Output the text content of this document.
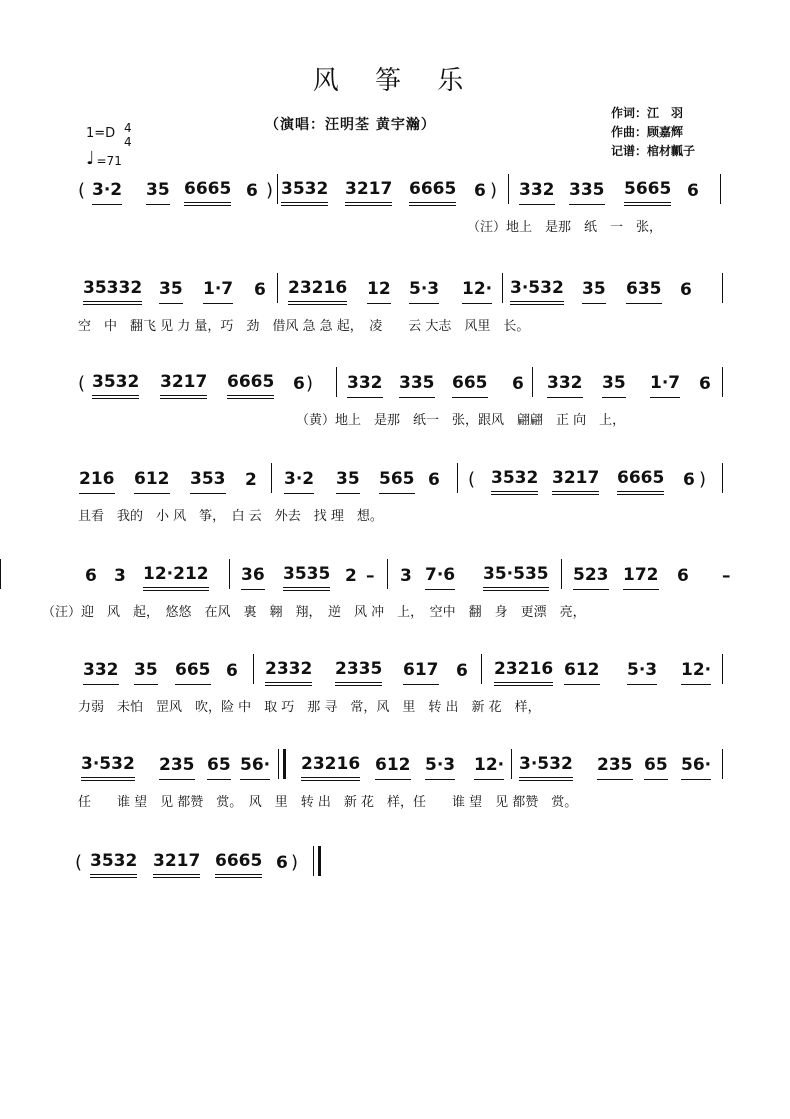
风 筝 乐
（演唱：汪明荃 黄宇瀚）
作词：江　羽
作曲：顾嘉辉
记谱：棺材瓤子
1=D 4
4
♩ =71
( 3·2 35 6665 6 ) 3532 3217 6665 6 ) 332 335 5665 6
（汪）地上　是那　纸　一　张，
35332 35 1·7 6 23216 12 5·3 12· 3·532 35 635 6
空　中　翻飞 见 力 量，巧　劲　借风 急 急 起，　凌　　云 大志　风里　长。
( 3532 3217 6665 6 ) 332 335 665 6 332 35 1·7 6
（黄）地上　是那　纸一　张，跟风　翩翩　正 向　上，
216 612 353 2 3·2 35 565 6 ( 3532 3217 6665 6 )
且看　我的　小 风　筝，　白 云　外去　找 理　想。
6 3 12·212 36 3535 2 – 3 7·6 35·535 523 172 6 –
（汪）迎　风　起，　悠悠　在风　裏　翱　翔，　逆　风 冲　上，　空中　翻　身　更漂　亮，
332 35 665 6 2332 2335 617 6 23216 612 5·3 12·
力弱　未怕　罡风　吹，险 中　取 巧　那 寻　常，风　里　转 出　新 花　样，
3·532 235 65 56· 23216 612 5·3 12· 3·532 235 65 56·
任　　谁 望　见 都赞　赏。　风　里　转 出　新 花　样，任　　谁 望　见 都赞　赏。
( 3532 3217 6665 6 )
